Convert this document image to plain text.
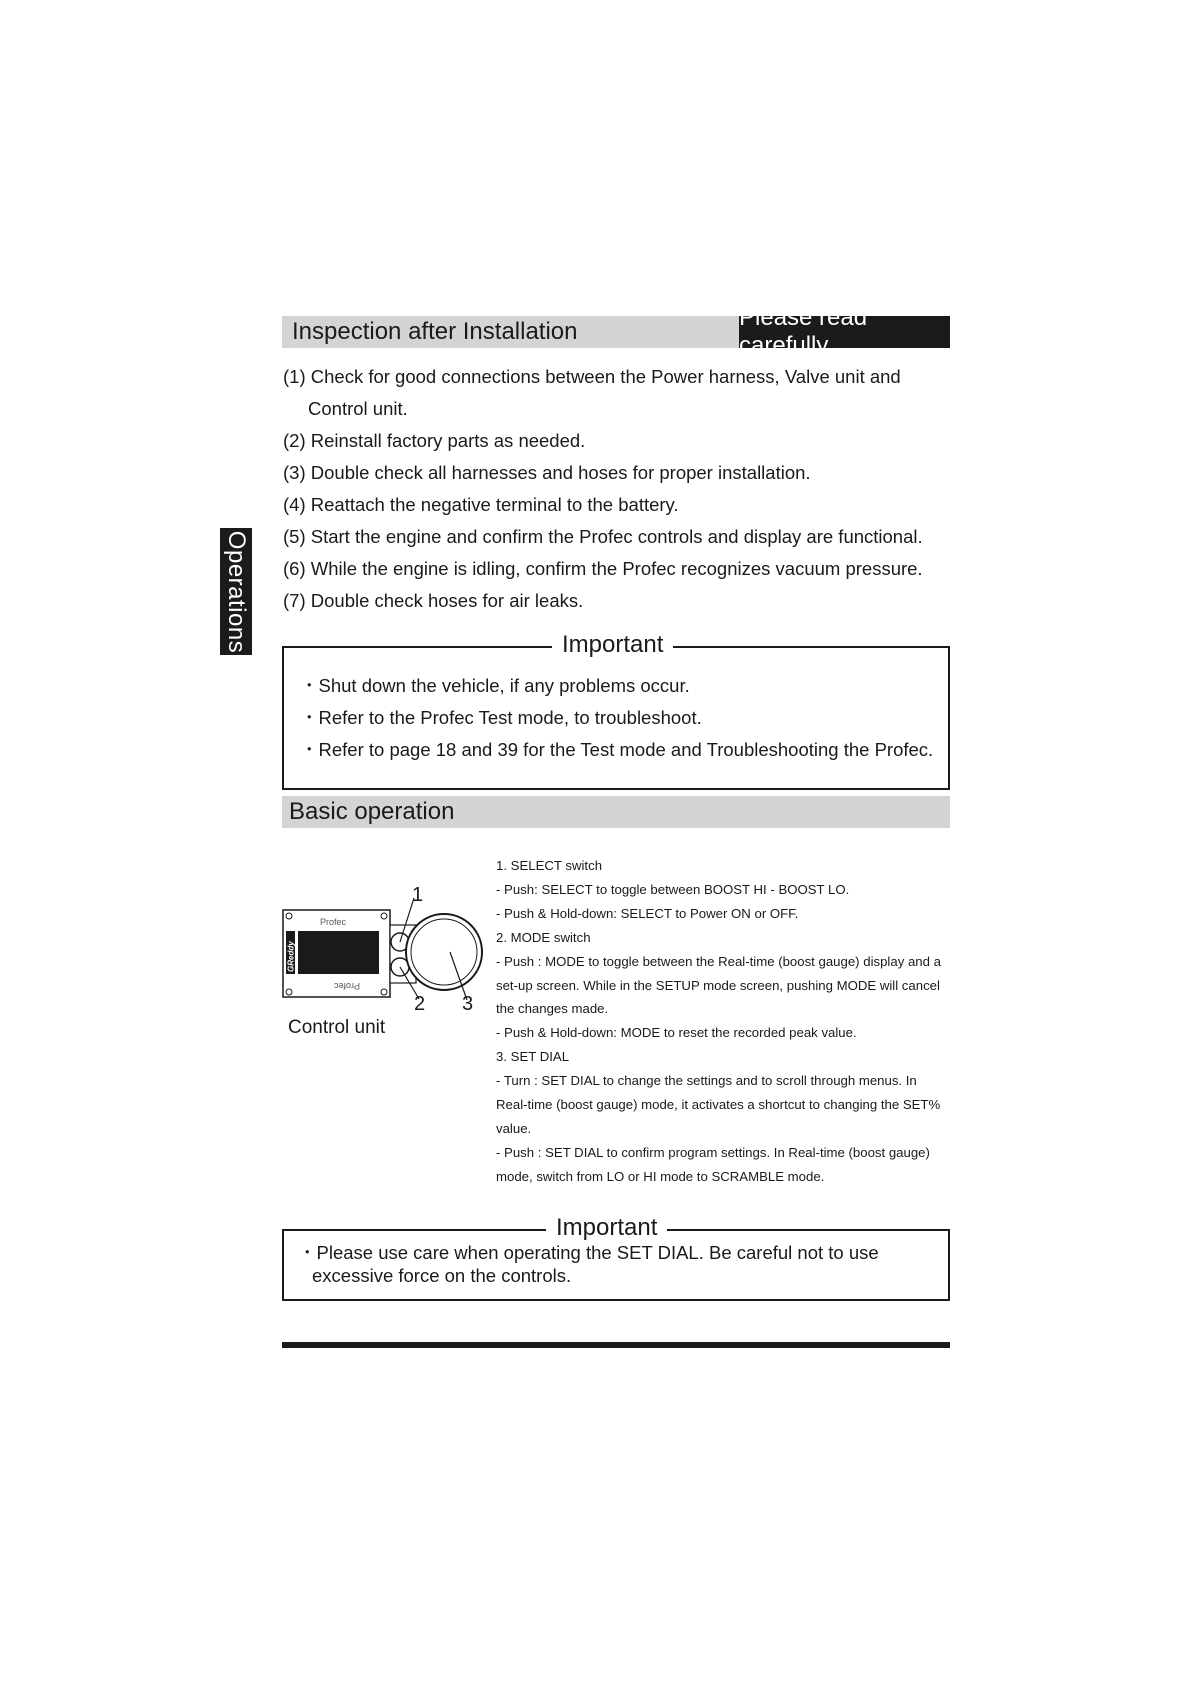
Operations
Inspection after Installation
Please read carefully
(1) Check for good connections between the Power harness, Valve unit and Control unit.
(2) Reinstall factory parts as needed.
(3) Double check all harnesses and hoses for proper installation.
(4) Reattach the negative terminal to the battery.
(5) Start the engine and confirm the Profec controls and display are functional.
(6) While the engine is idling, confirm the Profec recognizes vacuum pressure.
(7) Double check hoses for air leaks.
Important
・Shut down the vehicle, if any problems occur.
・Refer to the Profec Test mode, to troubleshoot.
・Refer to page 18 and 39 for the Test mode and Troubleshooting the Profec.
Basic operation
GReddy
Profec
Profec
1
2 3
Control unit
1. SELECT switch
- Push: SELECT to toggle between BOOST HI - BOOST LO.
- Push & Hold-down: SELECT to Power ON or OFF.
2. MODE switch
- Push : MODE to toggle between the Real-time (boost gauge) display and a
set-up screen. While in the SETUP mode screen, pushing MODE will cancel
the changes made.
- Push & Hold-down: MODE to reset the recorded peak value.
3. SET DIAL
- Turn : SET DIAL to change the settings and to scroll through menus. In
Real-time (boost gauge) mode, it activates a shortcut to changing the SET%
value.
- Push : SET DIAL to confirm program settings. In Real-time (boost gauge)
mode, switch from LO or HI mode to SCRAMBLE mode.
Important
・Please use care when operating the SET DIAL. Be careful not to use excessive force on the controls.
